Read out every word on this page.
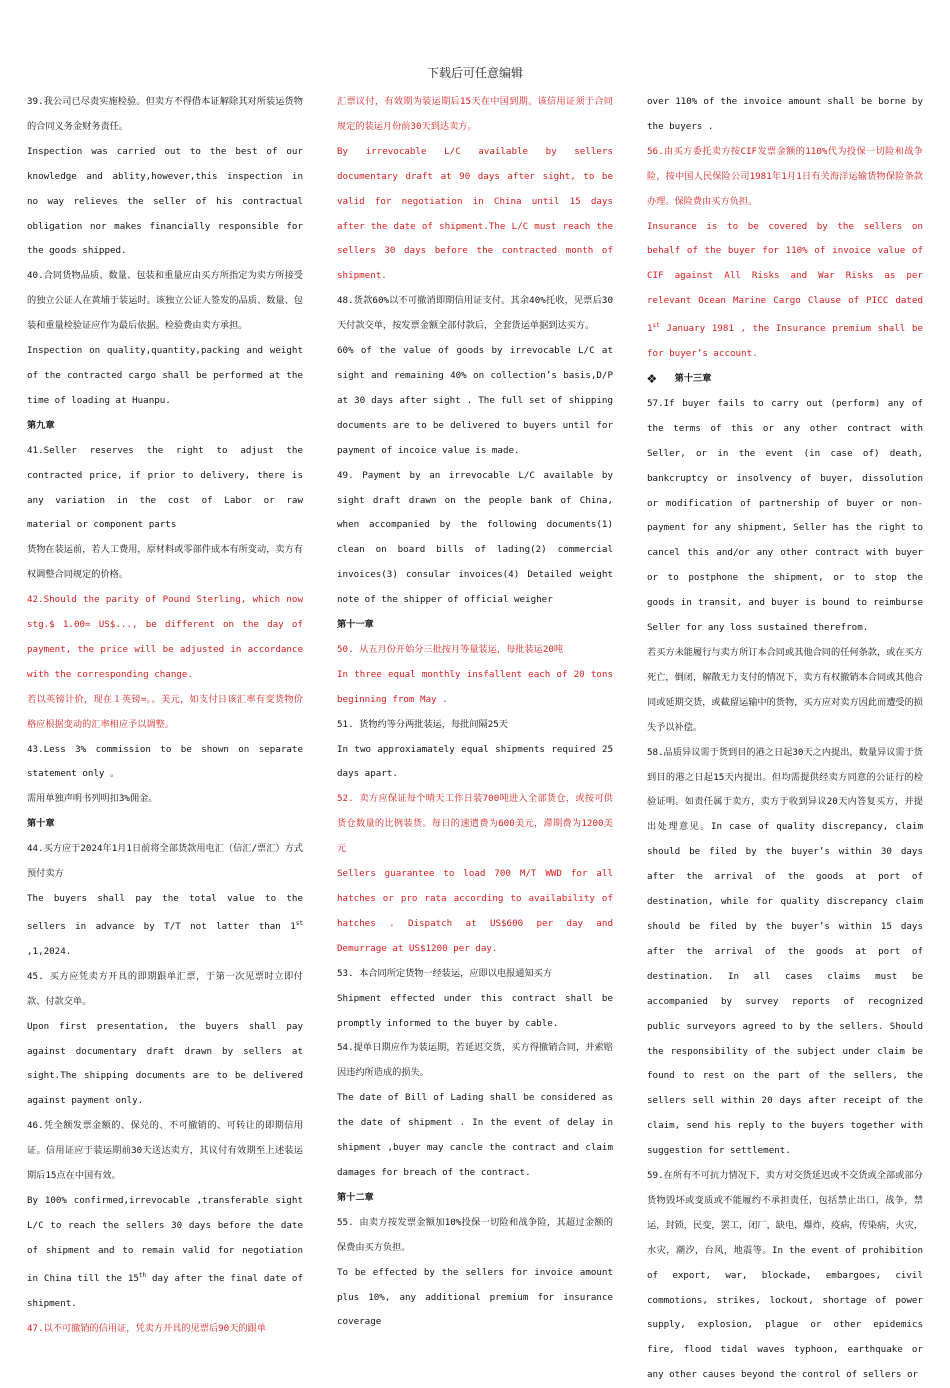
下载后可任意编辑

39.我公司已尽责实施检验。但卖方不得借本证解除其对所装运货物的合同义务金财务责任。

Inspection was carried out to the best of our knowledge and ablity,however,this inspection in no way relieves the seller of his contractual obligation nor makes financially responsible for the goods shipped.

40.合同货物品质、数量、包装和重量应由买方所指定为卖方所接受的独立公证人在黄埔于装运时。该独立公证人签发的品质、数量、包装和重量检验证应作为最后依据。检验费由卖方承担。

Inspection on quality,quantity,packing and weight of the contracted cargo shall be performed at the time of loading at Huanpu.

第九章

41.Seller reserves the right to adjust the contracted price, if prior to delivery, there is any variation in the cost of Labor or raw material or component parts

货物在装运前，若人工费用，原材料或零部件成本有所变动，卖方有权调整合同规定的价格。

42.Should the parity of Pound Sterling, which now stg.$ 1.00= US$..., be different on the day of payment, the price will be adjusted in accordance with the corresponding change.

若以英镑计价，现在１英镑=。。美元，如支付日该汇率有变货物价格应根据变动的汇率相应予以调整。

43.Less 3% commission to be shown on separate statement only 。

需用单独声明书列明扣3%佣金。

第十章

44.买方应于2024年1月1日前将全部货款用电汇（信汇/票汇）方式预付卖方

The buyers shall pay the total value to the sellers in advance by T/T not latter than 1st ,1,2024.

45. 买方应凭卖方开具的即期跟单汇票，于第一次见票时立即付款、付款交单。

Upon first presentation, the buyers shall pay against documentary draft drawn by sellers at sight.The shipping documents are to be delivered against payment only.

46.凭全额发票金额的、保兑的、不可撤销的、可转让的即期信用证。信用证应于装运期前30天送达卖方，其议付有效期至上述装运期后15点在中国有效。

By 100% confirmed,irrevocable ,transferable sight L/C to reach the sellers 30 days before the date of shipment and to remain valid for negotiation in China till the 15th day after the final date of shipment.

47.以不可撤销的信用证，凭卖方开具的见票后90天的跟单

汇票议付，有效期为装运期后15天在中国到期。该信用证须于合同规定的装运月份前30天到达卖方。

By irrevocable L/C available by sellers documentary draft at 90 days after sight, to be valid for negotiation in China until 15 days after the date of shipment.The L/C must reach the sellers 30 days before the contracted month of shipment.

48.货款60%以不可撤消即期信用证支付。其余40%托收，见票后30天付款交单，按发票金额全部付款后，全套货运单据到达买方。

60% of the value of goods by irrevocable L/C at sight and remaining 40% on collection’s basis,D/P at 30 days after sight . The full set of shipping documents are to be delivered to buyers until for payment of incoice value is made.

49. Payment by an irrevocable L/C available by sight draft drawn on the people bank of China, when accompanied by the following documents(1) clean on board bills of lading(2) commercial invoices(3) consular invoices(4) Detailed weight note of the shipper of official weigher

第十一章

50. 从五月份开始分三批按月等量装运，每批装运20吨

In three equal monthly insfallent each of 20 tons beginning from May .

51. 货物约等分两批装运，每批间隔25天

In two approxiamately equal shipments required 25 days apart.

52. 卖方应保证每个晴天工作日装700吨进入全部货仓，或按可供货仓数量的比例装货。每日的速遣费为600美元，滞期费为1200美元

Sellers guarantee to load 700 M/T WWD for all hatches or pro rata according to availability of hatches . Dispatch at US$600 per day and Demurrage at US$1200 per day.

53. 本合同所定货物一经装运，应即以电报通知买方

Shipment effected under this contract shall be promptly informed to the buyer by cable.

54.提单日期应作为装运期，若延迟交货，买方得撤销合同，并索赔因违约所造成的损失。

The date of Bill of Lading shall be considered as the date of shipment . In the event of delay in shipment ,buyer may cancle the contract and claim damages for breach of the contract.

第十二章

55. 由卖方按发票金额加10%投保一切险和战争险，其超过金额的保费由买方负担。

To be effected by the sellers for invoice amount plus 10%, any additional premium for insurance coverage

over 110% of the invoice amount shall be borne by the buyers .

56.由买方委托卖方按CIF发票金额的110%代为投保一切险和战争险，按中国人民保险公司1981年1月1日有关海洋运输货物保险条款办理。保险费由买方负担。

Insurance is to be covered by the sellers on behalf of the buyer for 110% of invoice value of CIF against All Risks and War Risks as per relevant Ocean Marine Cargo Clause of PICC dated 1st January 1981 , the Insurance premium shall be for buyer’s account.

❖ 第十三章

57.If buyer fails to carry out (perform) any of the terms of this or any other contract with Seller, or in the event (in case of) death, bankcruptcy or insolvency of buyer, dissolution or modification of partnership of buyer or non-payment for any shipment, Seller has the right to cancel this and/or any other contract with buyer or to postphone the shipment, or to stop the goods in transit, and buyer is bound to reimburse Seller for any loss sustained therefrom.

若买方未能履行与卖方所订本合同或其他合同的任何条款，或在买方死亡，倒闭，解散无力支付的情况下，卖方有权撤销本合同或其他合同或延期交货，或截留运输中的货物，买方应对卖方因此而遭受的损失予以补偿。

58.品质异议需于货到目的港之日起30天之内提出，数量异议需于货到目的港之日起15天内提出。但均需提供经卖方同意的公证行的检验证明。如责任属于卖方，卖方于收到异议20天内答复买方，并提出处理意见。In case of quality discrepancy, claim should be filed by the buyer’s within 30 days after the arrival of the goods at port of destination, while for quality discrepancy claim should be filed by the buyer’s within 15 days after the arrival of the goods at port of destination. In all cases claims must be accompanied by survey reports of recognized public surveyors agreed to by the sellers. Should the responsibility of the subject under claim be found to rest on the part of the sellers, the sellers sell within 20 days after receipt of the claim, send his reply to the buyers together with suggestion for settlement.

59.在所有不可抗力情况下，卖方对交货延迟或不交货或全部或部分货物毁坏或变质或不能履约不承担责任，包括禁止出口，战争，禁运，封锁，民变，罢工，闭厂，缺电，爆炸，疫病，传染病，火灾，水灾，潮汐，台风，地震等。In the event of prohibition of export, war, blockade, embargoes, civil commotions, strikes, lockout, shortage of power supply, explosion, plague or other epidemics fire, flood tidal waves typhoon, earthquake or any other causes beyond the control of sellers or
